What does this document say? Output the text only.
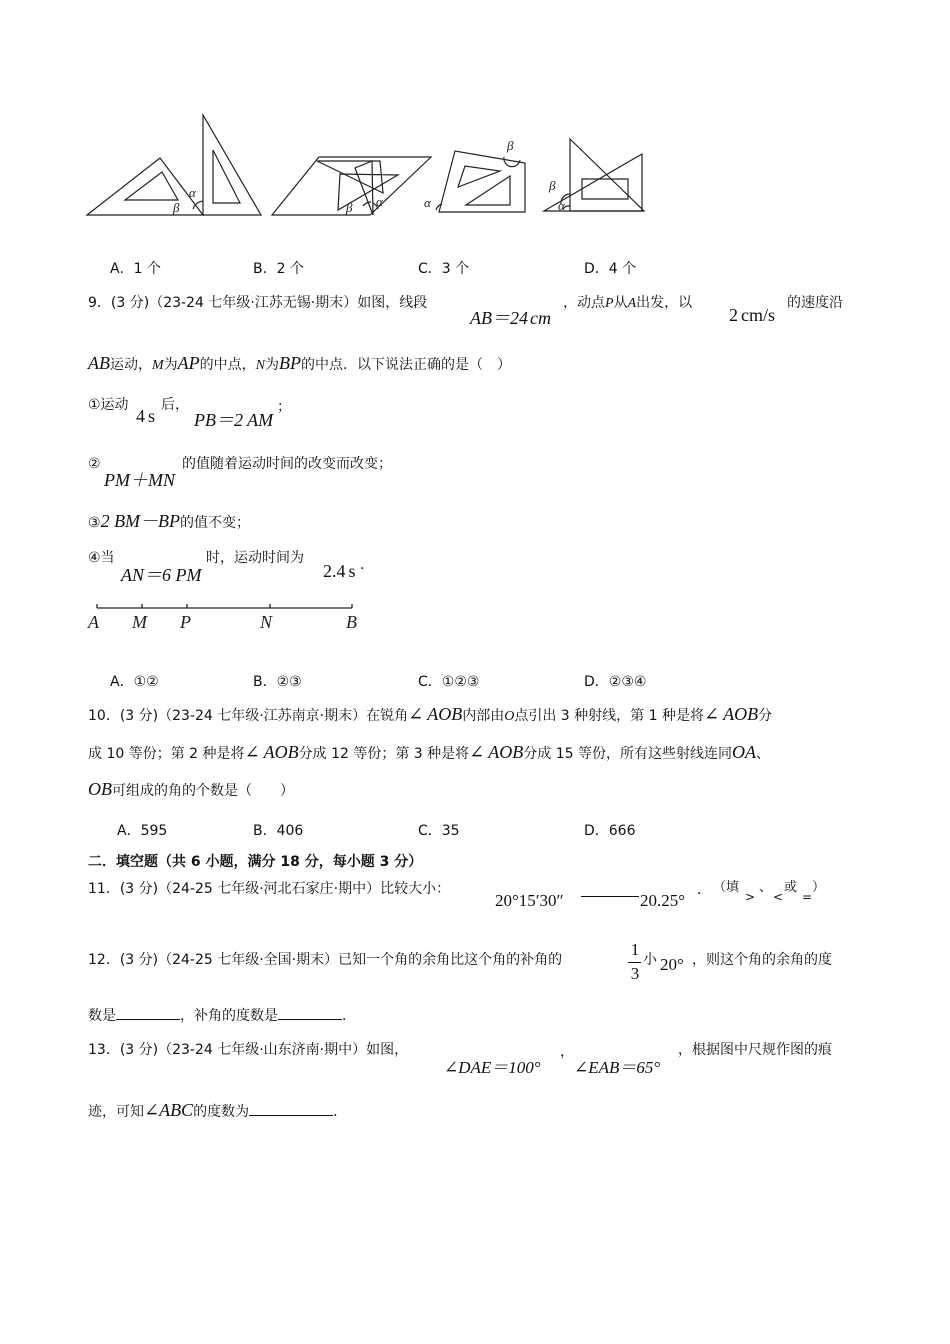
α
β	β α	α
β
β
α
A．1 个	B．2 个	C．3 个	D．4 个
9．(3 分)（23-24 七年级·江苏无锡·期末）如图，线段
AB＝24 cm
，动点P从A出发，以
2 cm/s
的速度沿
AB运动，M为AP的中点，N为BP的中点．以下说法正确的是（　）
①运动
4 s
后，
PB＝2 AM
；
②
PM＋MN
的值随着运动时间的改变而改变；
③2 BM－BP的值不变；
④当
AN＝6 PM
时，运动时间为
2.4 s ．
A M P	N	B
A．①②	B．②③	C．①②③	D．②③④
10．(3 分)（23-24 七年级·江苏南京·期末）在锐角∠ AOB内部由O点引出 3 种射线，第 1 种是将∠ AOB分
成 10 等份；第 2 种是将∠ AOB分成 12 等份；第 3 种是将∠ AOB分成 15 等份，所有这些射线连同OA、
OB可组成的角的个数是（　　）
A．595	B．406	C．35	D．666
二．填空题（共 6 小题，满分 18 分，每小题 3 分）
11．(3 分)（24-25 七年级·河北石家庄·期中）比较大小：
20°15′30″	20.25°
． （填
>
、
<
或
=
）
12．(3 分)（24-25 七年级·全国·期末）已知一个角的余角比这个角的补角的
1
3
小 20° ，则这个角的余角的度
数是	，补角的度数是	．
13．(3 分)（23-24 七年级·山东济南·期中）如图，
∠DAE＝100°
，
∠EAB＝65°
，根据图中尺规作图的痕
迹，可知∠ABC的度数为	．
